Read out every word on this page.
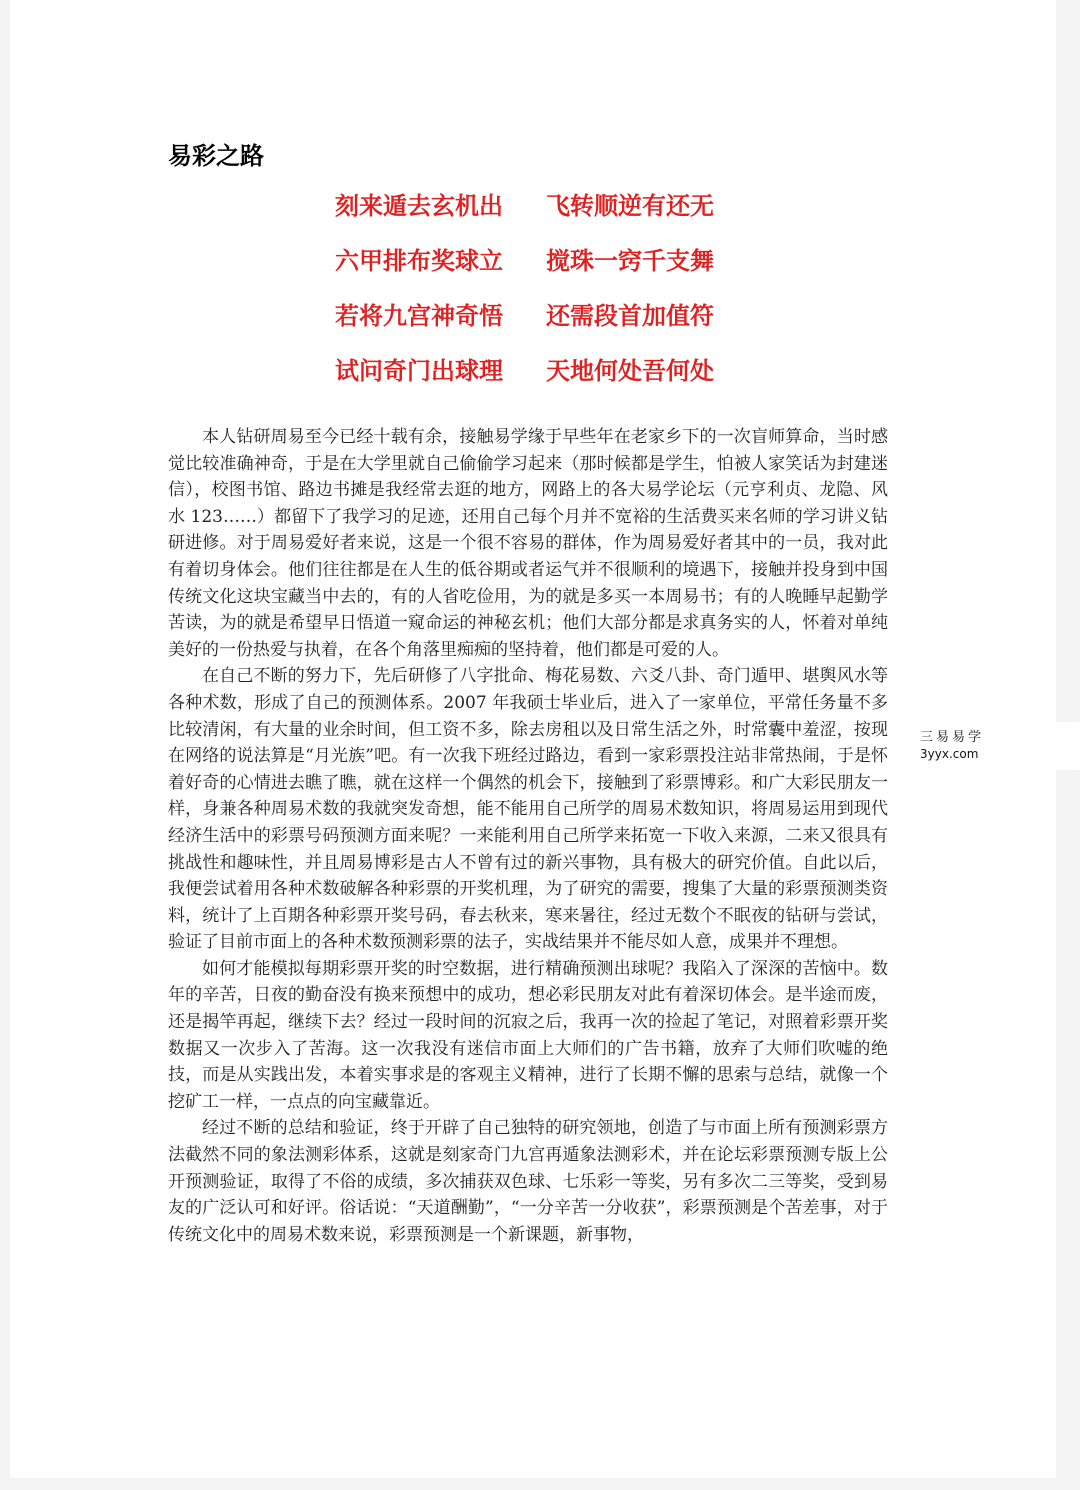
易彩之路
刻来遁去玄机出	飞转顺逆有还无
六甲排布奖球立	搅珠一窍千支舞
若将九宫神奇悟	还需段首加值符
试问奇门出球理	天地何处吾何处

本人钻研周易至今已经十载有余，接触易学缘于早些年在老家乡下的一次盲师算命，当时感觉比较准确神奇，于是在大学里就自己偷偷学习起来（那时候都是学生，怕被人家笑话为封建迷信），校图书馆、路边书摊是我经常去逛的地方，网路上的各大易学论坛（元亨利贞、龙隐、风水 123……）都留下了我学习的足迹，还用自己每个月并不宽裕的生活费买来名师的学习讲义钻研进修。对于周易爱好者来说，这是一个很不容易的群体，作为周易爱好者其中的一员，我对此有着切身体会。他们往往都是在人生的低谷期或者运气并不很顺利的境遇下，接触并投身到中国传统文化这块宝藏当中去的，有的人省吃俭用，为的就是多买一本周易书；有的人晚睡早起勤学苦读，为的就是希望早日悟道一窥命运的神秘玄机；他们大部分都是求真务实的人，怀着对单纯美好的一份热爱与执着，在各个角落里痴痴的坚持着，他们都是可爱的人。

在自己不断的努力下，先后研修了八字批命、梅花易数、六爻八卦、奇门遁甲、堪舆风水等各种术数，形成了自己的预测体系。2007 年我硕士毕业后，进入了一家单位，平常任务量不多比较清闲，有大量的业余时间，但工资不多，除去房租以及日常生活之外，时常囊中羞涩，按现在网络的说法算是“月光族”吧。有一次我下班经过路边，看到一家彩票投注站非常热闹，于是怀着好奇的心情进去瞧了瞧，就在这样一个偶然的机会下，接触到了彩票博彩。和广大彩民朋友一样，身兼各种周易术数的我就突发奇想，能不能用自己所学的周易术数知识，将周易运用到现代经济生活中的彩票号码预测方面来呢？一来能利用自己所学来拓宽一下收入来源，二来又很具有挑战性和趣味性，并且周易博彩是古人不曾有过的新兴事物，具有极大的研究价值。自此以后，我便尝试着用各种术数破解各种彩票的开奖机理，为了研究的需要，搜集了大量的彩票预测类资料，统计了上百期各种彩票开奖号码，春去秋来，寒来暑往，经过无数个不眠夜的钻研与尝试，验证了目前市面上的各种术数预测彩票的法子，实战结果并不能尽如人意，成果并不理想。

如何才能模拟每期彩票开奖的时空数据，进行精确预测出球呢？我陷入了深深的苦恼中。数年的辛苦，日夜的勤奋没有换来预想中的成功，想必彩民朋友对此有着深切体会。是半途而废，还是揭竿再起，继续下去？经过一段时间的沉寂之后，我再一次的捡起了笔记，对照着彩票开奖数据又一次步入了苦海。这一次我没有迷信市面上大师们的广告书籍，放弃了大师们吹嘘的绝技，而是从实践出发，本着实事求是的客观主义精神，进行了长期不懈的思索与总结，就像一个挖矿工一样，一点点的向宝藏靠近。

经过不断的总结和验证，终于开辟了自己独特的研究领地，创造了与市面上所有预测彩票方法截然不同的象法测彩体系，这就是刻家奇门九宫再遁象法测彩术，并在论坛彩票预测专版上公开预测验证，取得了不俗的成绩，多次捕获双色球、七乐彩一等奖，另有多次二三等奖，受到易友的广泛认可和好评。俗话说：“天道酬勤”，“一分辛苦一分收获”，彩票预测是个苦差事，对于传统文化中的周易术数来说，彩票预测是一个新课题，新事物，

三易易学
3yyx.com
